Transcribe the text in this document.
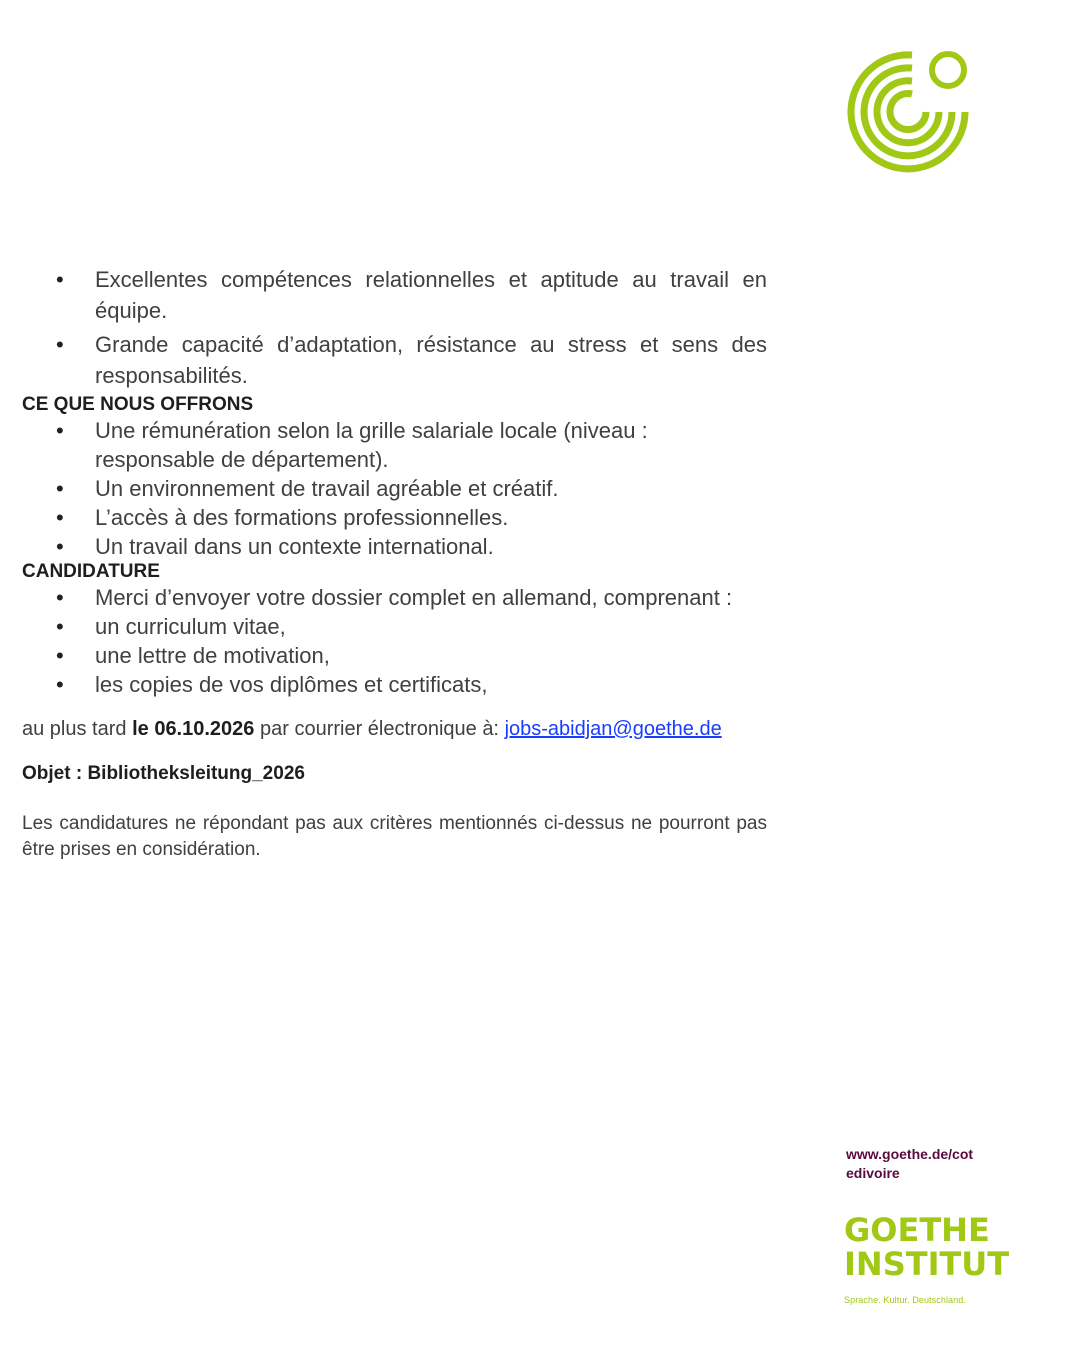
• Excellentes compétences relationnelles et aptitude au travail en équipe.
• Grande capacité d’adaptation, résistance au stress et sens des responsabilités.
CE QUE NOUS OFFRONS
• Une rémunération selon la grille salariale locale (niveau : responsable de département).
• Un environnement de travail agréable et créatif.
• L’accès à des formations professionnelles.
• Un travail dans un contexte international.
CANDIDATURE
• Merci d’envoyer votre dossier complet en allemand, comprenant :
• un curriculum vitae,
• une lettre de motivation,
• les copies de vos diplômes et certificats,
au plus tard le 06.10.2026 par courrier électronique à: jobs-abidjan@goethe.de
Objet : Bibliotheksleitung_2026
Les candidatures ne répondant pas aux critères mentionnés ci-dessus ne pourront pas être prises en considération.
www.goethe.de/cotedivoire
GOETHE
INSTITUT
Sprache. Kultur. Deutschland.
